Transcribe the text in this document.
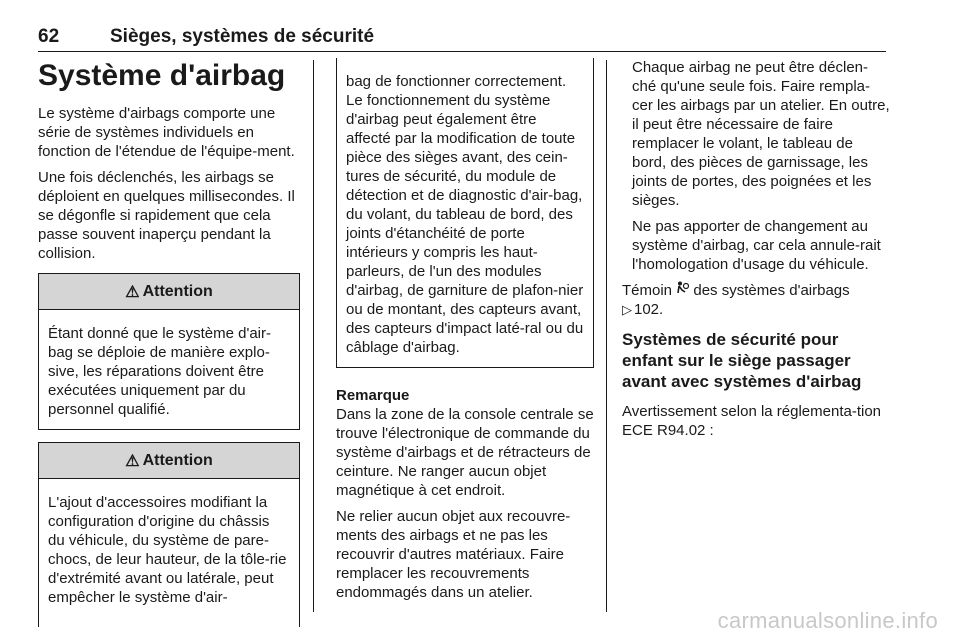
62	Sièges, systèmes de sécurité
Système d'airbag

Le système d'airbags comporte une série de systèmes individuels en fonction de l'étendue de l'équipe-ment.

Une fois déclenchés, les airbags se déploient en quelques millisecondes. Il se dégonfle si rapidement que cela passe souvent inaperçu pendant la collision.

⚠ Attention

Étant donné que le système d'air-bag se déploie de manière explo-sive, les réparations doivent être exécutées uniquement par du personnel qualifié.

⚠ Attention

L'ajout d'accessoires modifiant la configuration d'origine du châssis du véhicule, du système de pare-chocs, de leur hauteur, de la tôle-rie d'extrémité avant ou latérale, peut empêcher le système d'air-

bag de fonctionner correctement. Le fonctionnement du système d'airbag peut également être affecté par la modification de toute pièce des sièges avant, des cein-tures de sécurité, du module de détection et de diagnostic d'air-bag, du volant, du tableau de bord, des joints d'étanchéité de porte intérieurs y compris les haut-parleurs, de l'un des modules d'airbag, de garniture de plafon-nier ou de montant, des capteurs avant, des capteurs d'impact laté-ral ou du câblage d'airbag.

Remarque

Dans la zone de la console centrale se trouve l'électronique de commande du système d'airbags et de rétracteurs de ceinture. Ne ranger aucun objet magnétique à cet endroit.

Ne relier aucun objet aux recouvre-ments des airbags et ne pas les recouvrir d'autres matériaux. Faire remplacer les recouvrements endommagés dans un atelier.

Chaque airbag ne peut être déclen-ché qu'une seule fois. Faire rempla-cer les airbags par un atelier. En outre, il peut être nécessaire de faire remplacer le volant, le tableau de bord, des pièces de garnissage, les joints de portes, des poignées et les sièges.

Ne pas apporter de changement au système d'airbag, car cela annule-rait l'homologation d'usage du véhicule.

Témoin des systèmes d'airbags
▷ 102.

Systèmes de sécurité pour enfant sur le siège passager avant avec systèmes d'airbag

Avertissement selon la réglementa-tion ECE R94.02 :

carmanualsonline.info
